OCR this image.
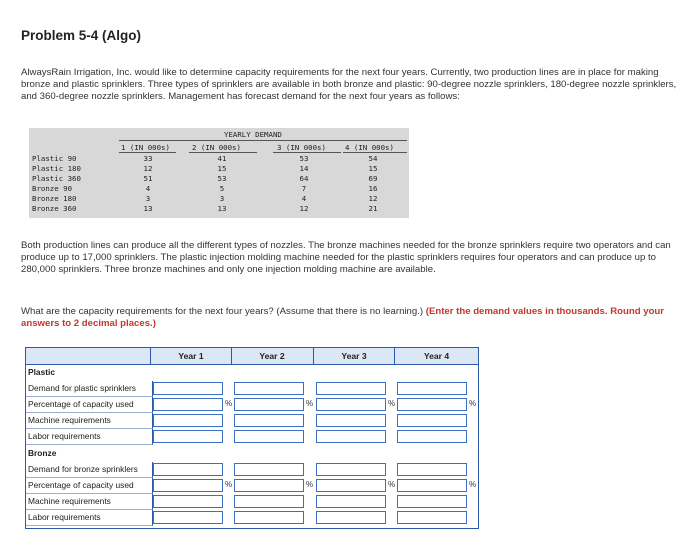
Problem 5-4 (Algo)
AlwaysRain Irrigation, Inc. would like to determine capacity requirements for the next four years. Currently, two production lines are in place for making bronze and plastic sprinklers. Three types of sprinklers are available in both bronze and plastic: 90-degree nozzle sprinklers, 180-degree nozzle sprinklers, and 360-degree nozzle sprinklers. Management has forecast demand for the next four years as follows:
YEARLY DEMAND
1 (IN 000s)	2 (IN 000s)	3 (IN 000s)	4 (IN 000s)
Plastic 90	33	41	53	54
Plastic 180	12	15	14	15
Plastic 360	51	53	64	69
Bronze 90	4	5	7	16
Bronze 180	3	3	4	12
Bronze 360	13	13	12	21
Both production lines can produce all the different types of nozzles. The bronze machines needed for the bronze sprinklers require two operators and can produce up to 17,000 sprinklers. The plastic injection molding machine needed for the plastic sprinklers requires four operators and can produce up to 280,000 sprinklers. Three bronze machines and only one injection molding machine are available.
What are the capacity requirements for the next four years? (Assume that there is no learning.) (Enter the demand values in thousands. Round your answers to 2 decimal places.)
Year 1	Year 2	Year 3	Year 4
Plastic
Demand for plastic sprinklers
Percentage of capacity used	%	%	%	%
Machine requirements
Labor requirements
Bronze
Demand for bronze sprinklers
Percentage of capacity used	%	%	%	%
Machine requirements
Labor requirements
